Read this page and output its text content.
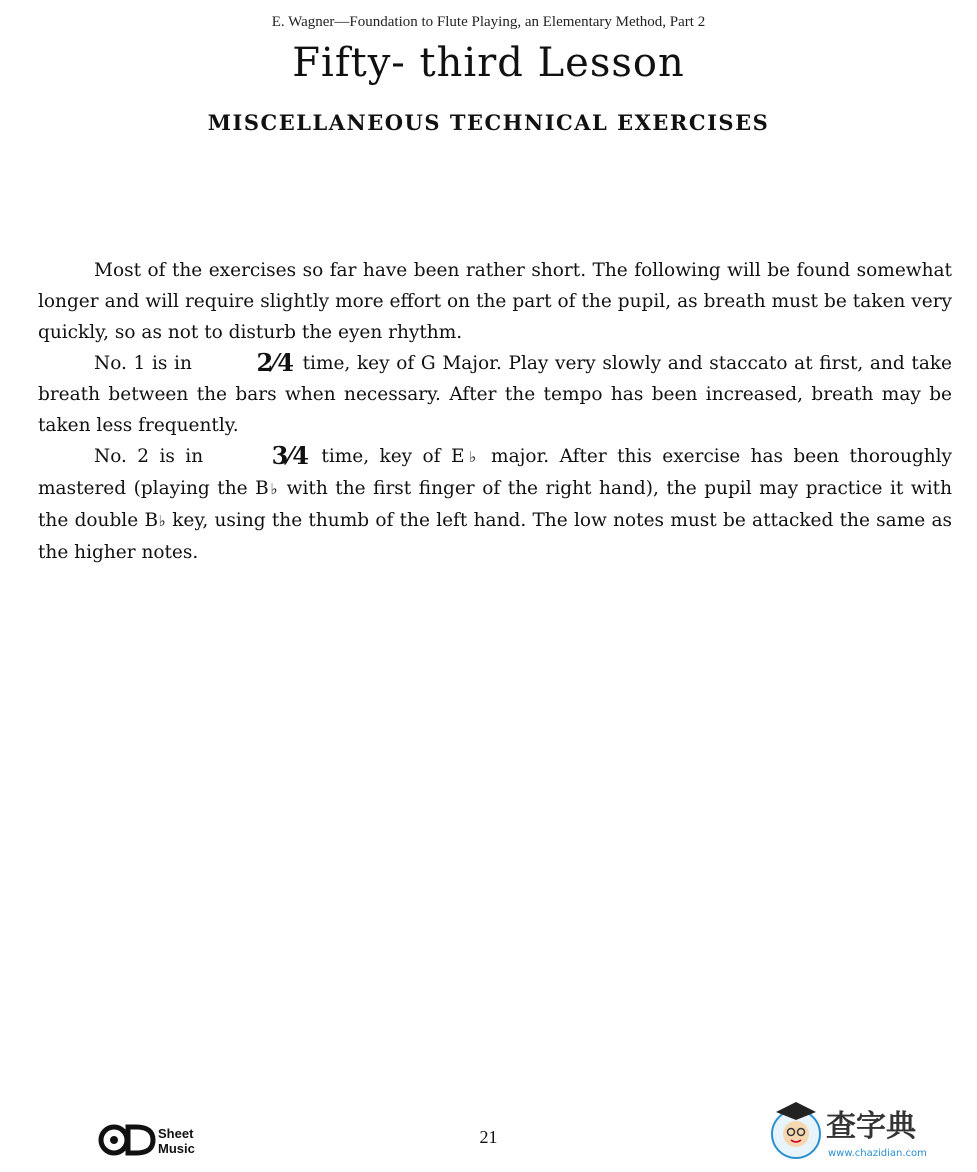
E. Wagner—Foundation to Flute Playing, an Elementary Method, Part 2
Fifty- third Lesson
MISCELLANEOUS TECHNICAL EXERCISES

Most of the exercises so far have been rather short. The following will be found somewhat longer and will require slightly more effort on the part of the pupil, as breath must be taken very quickly, so as not to disturb the eyen rhythm.

No. 1 is in 2⁄4 time, key of G Major. Play very slowly and staccato at first, and take breath between the bars when necessary. After the tempo has been increased, breath may be taken less frequently.

No. 2 is in 3⁄4 time, key of E♭ major. After this exercise has been thoroughly mastered (playing the B♭ with the first finger of the right hand), the pupil may practice it with the double B♭ key, using the thumb of the left hand. The low notes must be attacked the same as the higher notes.

Sheet
Music
21	查字典
www.chazidian.com
